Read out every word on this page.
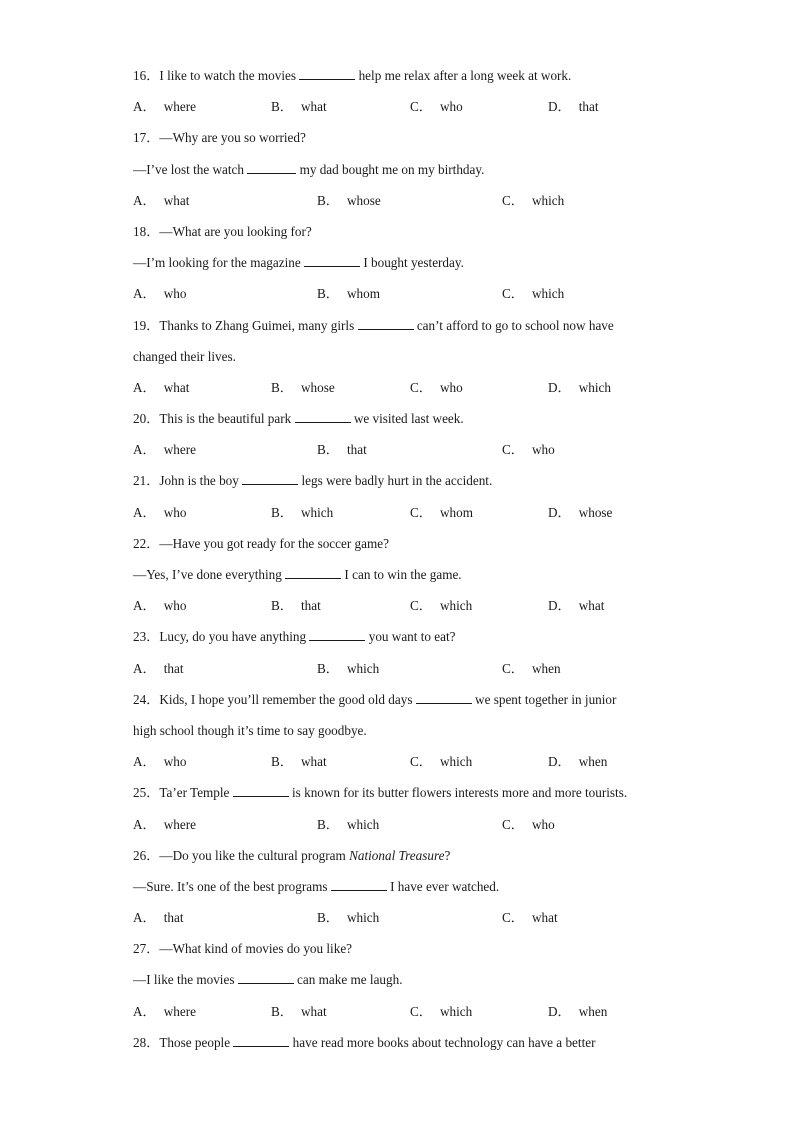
16．I like to watch the movies	help me relax after a long week at work.
A． where	B． what	C． who	D． that
17．—Why are you so worried?
—I’ve lost the watch	my dad bought me on my birthday.
A． what	B． whose	C． which
18．—What are you looking for?
—I’m looking for the magazine	I bought yesterday.
A． who	B． whom	C． which
19．Thanks to Zhang Guimei, many girls	can’t afford to go to school now have
changed their lives.
A． what	B． whose	C． who	D． which
20．This is the beautiful park	we visited last week.
A． where	B． that	C． who
21．John is the boy	legs were badly hurt in the accident.
A． who	B． which	C． whom	D． whose
22．—Have you got ready for the soccer game?
—Yes, I’ve done everything	I can to win the game.
A． who	B． that	C． which	D． what
23．Lucy, do you have anything	you want to eat?
A． that	B． which	C． when
24．Kids, I hope you’ll remember the good old days	we spent together in junior
high school though it’s time to say goodbye.
A． who	B． what	C． which	D． when
25．Ta’er Temple	is known for its butter flowers interests more and more tourists.
A． where	B． which	C． who
26．—Do you like the cultural program National Treasure?
—Sure. It’s one of the best programs	I have ever watched.
A． that	B． which	C． what
27．—What kind of movies do you like?
—I like the movies	can make me laugh.
A． where	B． what	C． which	D． when
28．Those people	have read more books about technology can have a better
